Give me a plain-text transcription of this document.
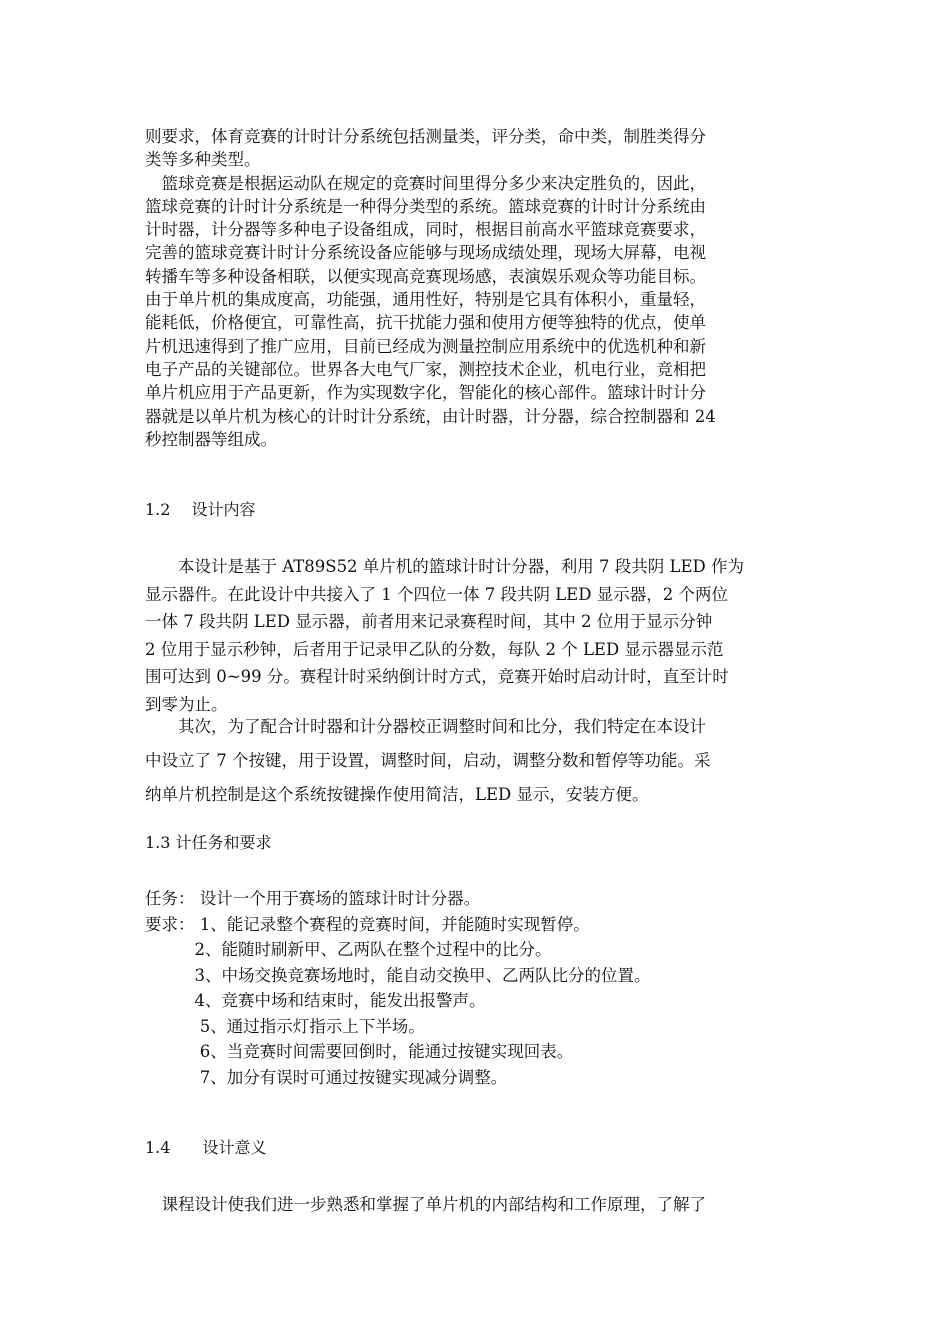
则要求，体育竞赛的计时计分系统包括测量类，评分类，命中类，制胜类得分
类等多种类型。
　篮球竞赛是根据运动队在规定的竞赛时间里得分多少来决定胜负的，因此，
篮球竞赛的计时计分系统是一种得分类型的系统。篮球竞赛的计时计分系统由
计时器，计分器等多种电子设备组成，同时，根据目前高水平篮球竞赛要求，
完善的篮球竞赛计时计分系统设备应能够与现场成绩处理，现场大屏幕，电视
转播车等多种设备相联，以便实现高竞赛现场感，表演娱乐观众等功能目标。
由于单片机的集成度高，功能强，通用性好，特别是它具有体积小，重量轻，
能耗低，价格便宜，可靠性高，抗干扰能力强和使用方便等独特的优点，使单
片机迅速得到了推广应用，目前已经成为测量控制应用系统中的优选机种和新
电子产品的关键部位。世界各大电气厂家，测控技术企业，机电行业，竞相把
单片机应用于产品更新，作为实现数字化，智能化的核心部件。篮球计时计分
器就是以单片机为核心的计时计分系统，由计时器，计分器，综合控制器和 24
秒控制器等组成。
1.2　 设计内容
　　本设计是基于 AT89S52 单片机的篮球计时计分器，利用 7 段共阴 LED 作为
显示器件。在此设计中共接入了 1 个四位一体 7 段共阴 LED 显示器，2 个两位
一体 7 段共阴 LED 显示器，前者用来记录赛程时间，其中 2 位用于显示分钟
2 位用于显示秒钟，后者用于记录甲乙队的分数，每队 2 个 LED 显示器显示范
围可达到 0~99 分。赛程计时采纳倒计时方式，竞赛开始时启动计时，直至计时
到零为止。
　　其次，为了配合计时器和计分器校正调整时间和比分，我们特定在本设计
中设立了 7 个按键，用于设置，调整时间，启动，调整分数和暂停等功能。采
纳单片机控制是这个系统按键操作使用简洁，LED 显示，安装方便。
1.3 计任务和要求
任务： 设计一个用于赛场的篮球计时计分器。
要求： 1、能记录整个赛程的竞赛时间，并能随时实现暂停。
　　　2、能随时刷新甲、乙两队在整个过程中的比分。
　　　3、中场交换竞赛场地时，能自动交换甲、乙两队比分的位置。
　　　4、竞赛中场和结束时，能发出报警声。
　　　 5、通过指示灯指示上下半场。
　　　 6、当竞赛时间需要回倒时，能通过按键实现回表。
　　　 7、加分有误时可通过按键实现减分调整。
1.4　　设计意义
　课程设计使我们进一步熟悉和掌握了单片机的内部结构和工作原理，了解了
